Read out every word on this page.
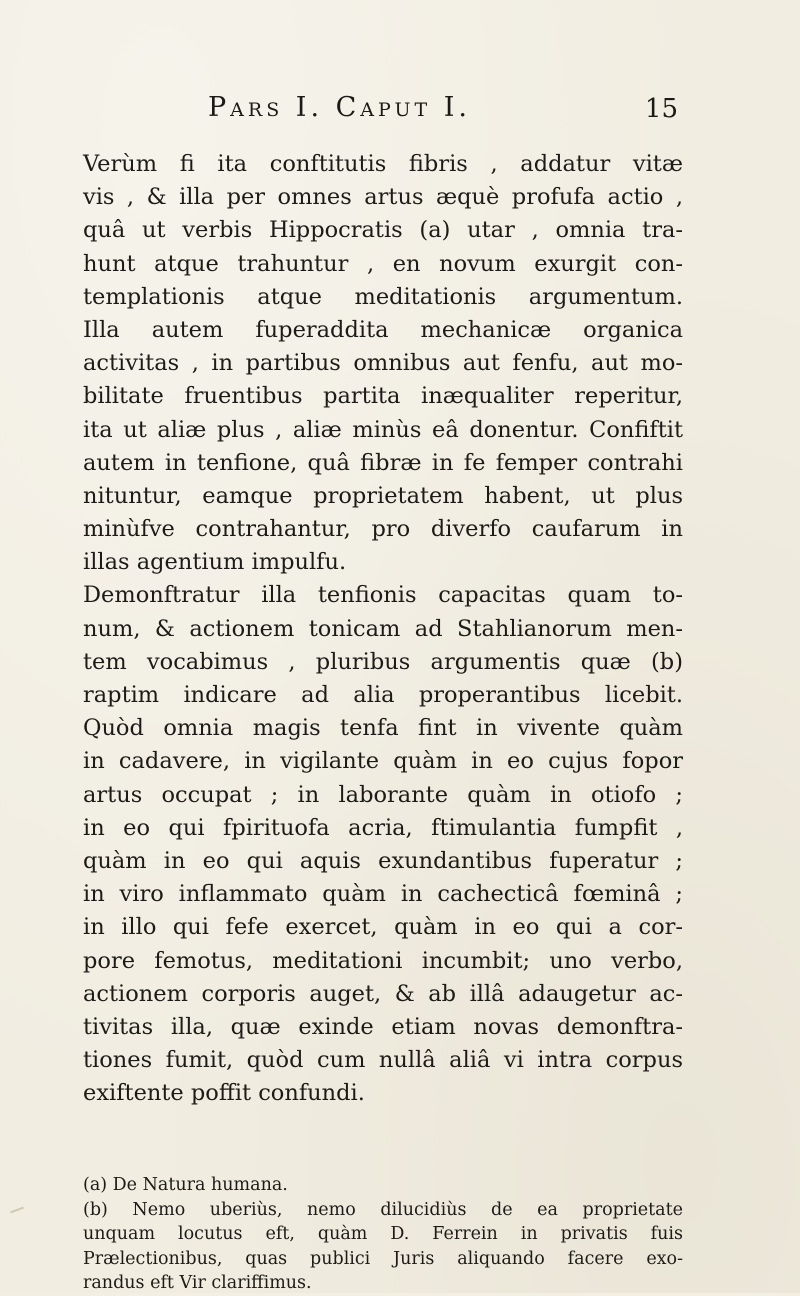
Pars I. Caput I.	15
Verùm fi ita conftitutis fibris , addatur vitæ
vis , & illa per omnes artus æquè profufa actio ,
quâ ut verbis Hippocratis (a) utar , omnia tra-
hunt atque trahuntur , en novum exurgit con-
templationis atque meditationis argumentum.
Illa autem fuperaddita mechanicæ organica
activitas , in partibus omnibus aut fenfu, aut mo-
bilitate fruentibus partita inæqualiter reperitur,
ita ut aliæ plus , aliæ minùs eâ donentur. Confiftit
autem in tenfione, quâ fibræ in fe femper contrahi
nituntur, eamque proprietatem habent, ut plus
minùfve contrahantur, pro diverfo caufarum in
illas agentium impulfu.
Demonftratur illa tenfionis capacitas quam to-
num, & actionem tonicam ad Stahlianorum men-
tem vocabimus , pluribus argumentis quæ (b)
raptim indicare ad alia properantibus licebit.
Quòd omnia magis tenfa fint in vivente quàm
in cadavere, in vigilante quàm in eo cujus fopor
artus occupat ; in laborante quàm in otiofo ;
in eo qui fpirituofa acria, ftimulantia fumpfit ,
quàm in eo qui aquis exundantibus fuperatur ;
in viro inflammato quàm in cachecticâ fœminâ ;
in illo qui fefe exercet, quàm in eo qui a cor-
pore femotus, meditationi incumbit; uno verbo,
actionem corporis auget, & ab illâ adaugetur ac-
tivitas illa, quæ exinde etiam novas demonftra-
tiones fumit, quòd cum nullâ aliâ vi intra corpus
exiftente poffit confundi.
(a) De Natura humana.
(b) Nemo uberiùs, nemo dilucidiùs de ea proprietate
unquam locutus eft, quàm D. Ferrein in privatis fuis
Prælectionibus, quas publici Juris aliquando facere exo-
randus eft Vir clariffimus.
